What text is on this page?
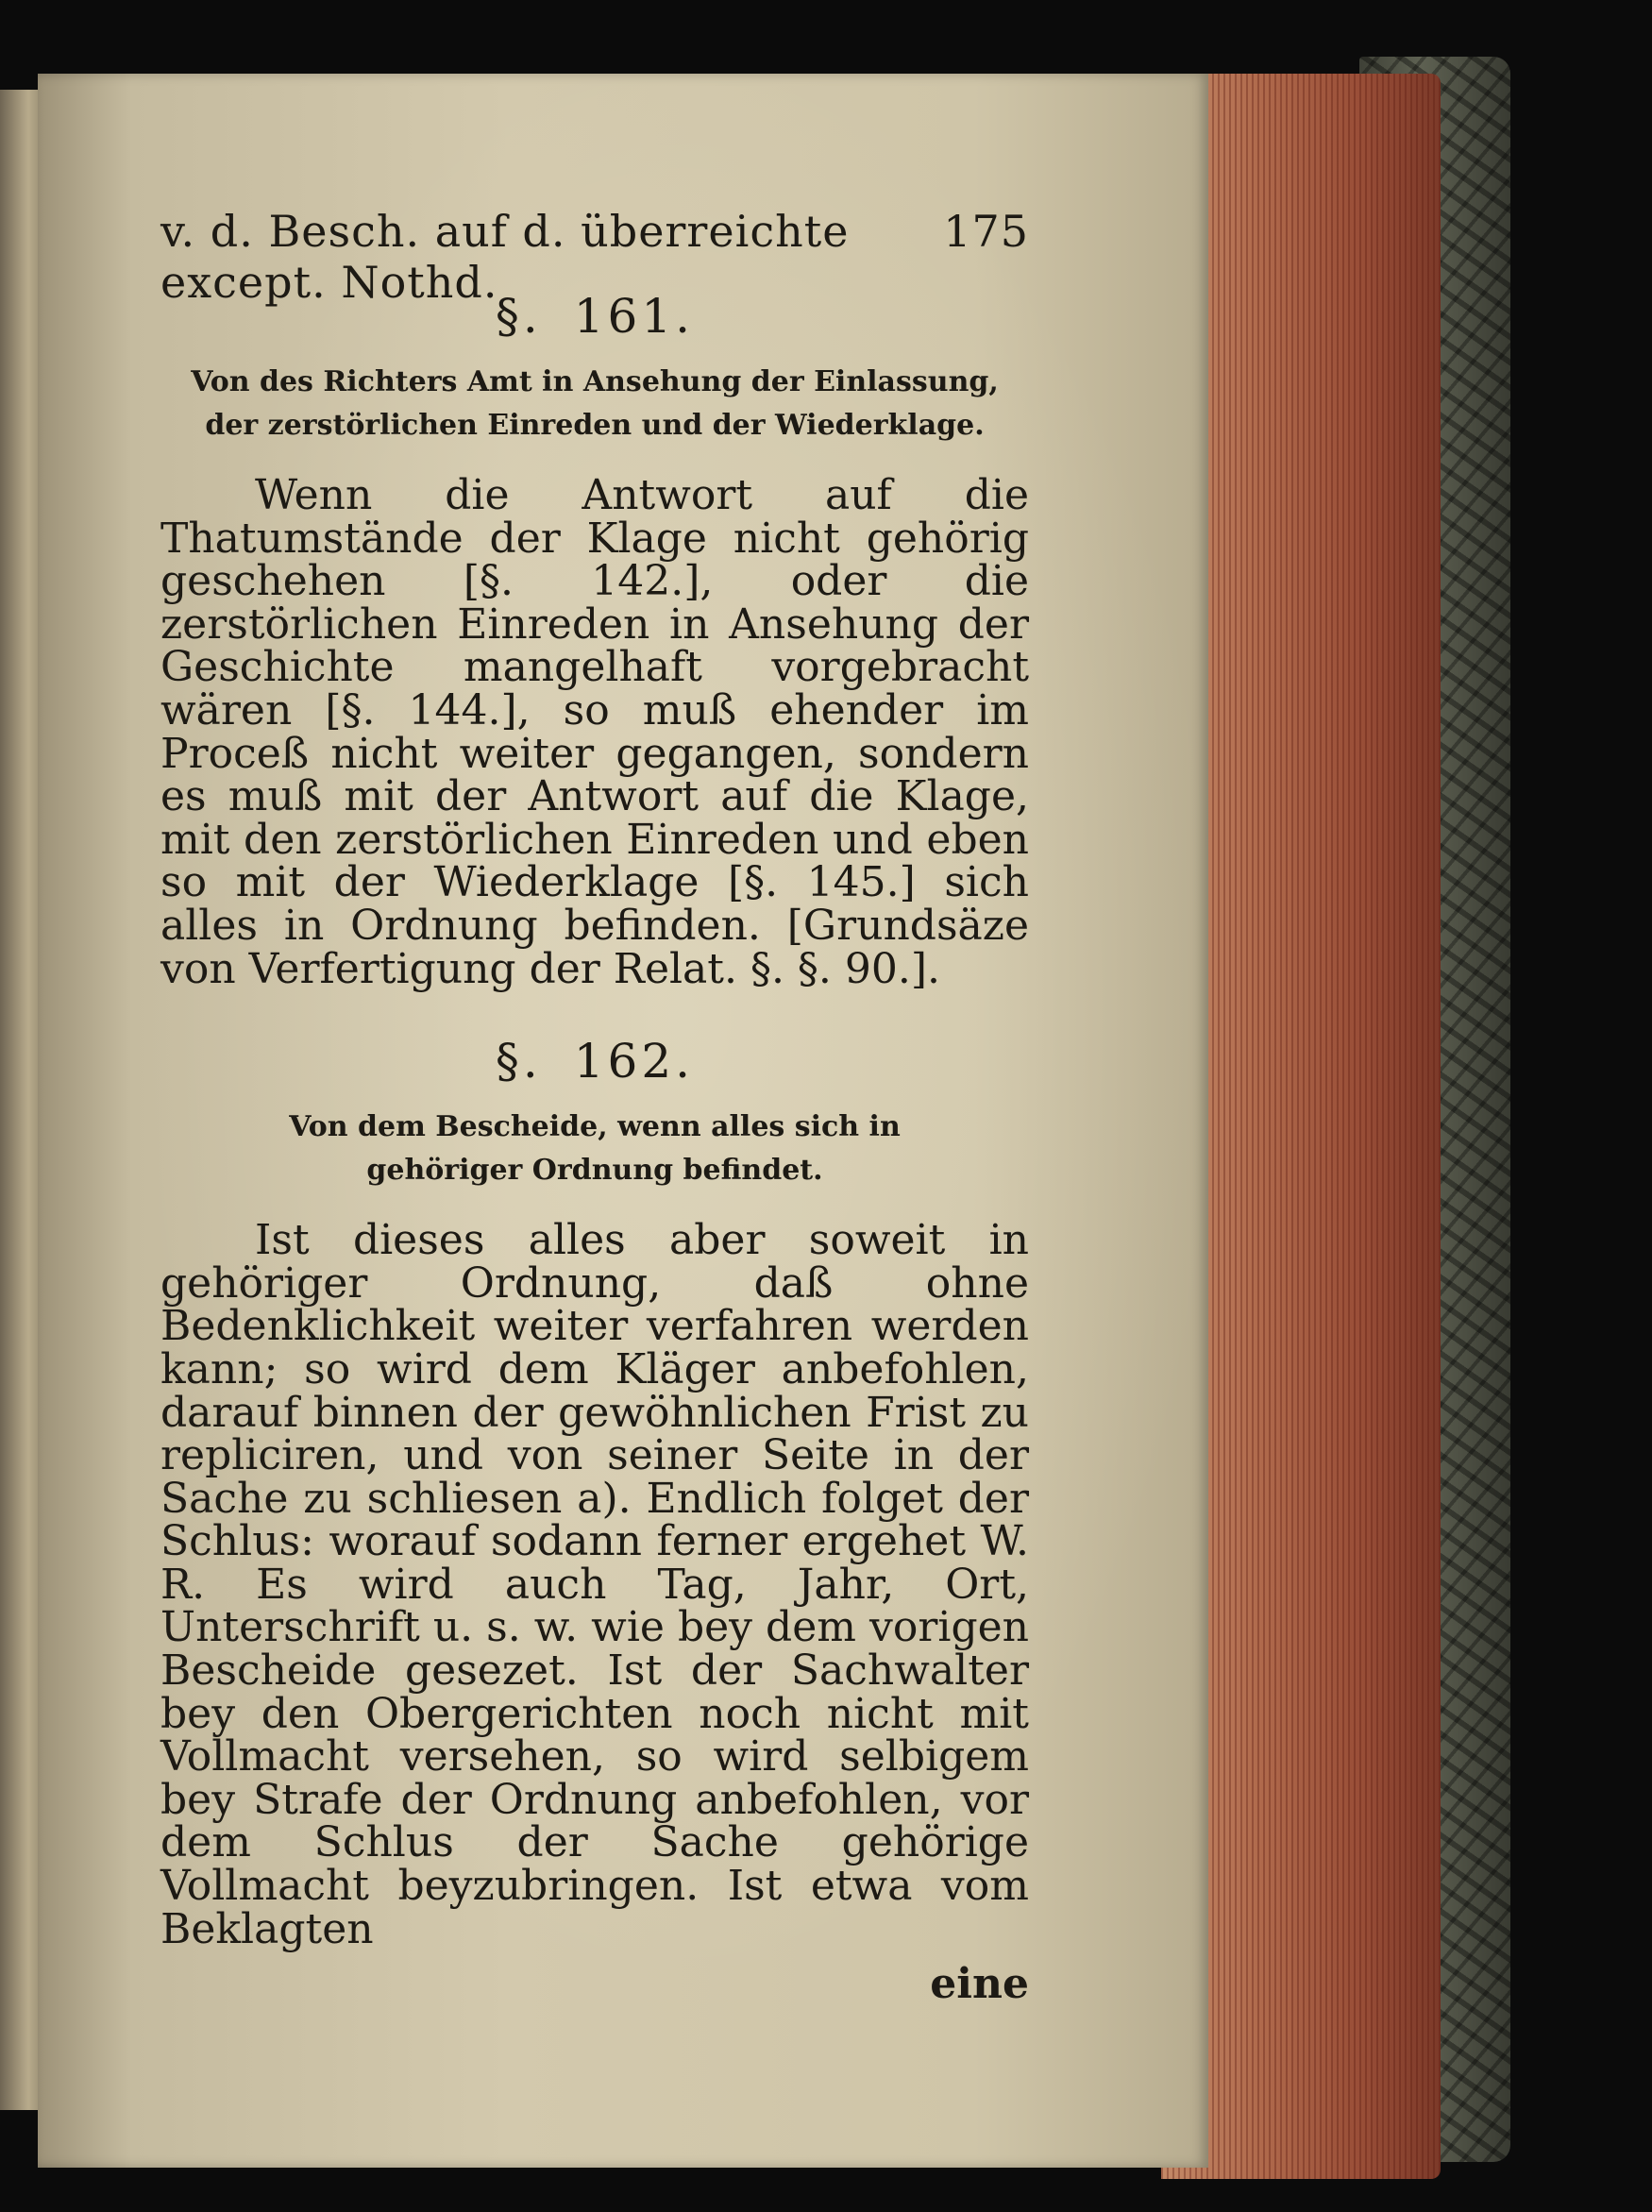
v. d. Besch. auf d. überreichte except. Nothd.
175
§. 161.
Von des Richters Amt in Ansehung der Einlassung, der zerstörlichen Einreden und der Wiederklage.

Wenn die Antwort auf die Thatumstände der Klage nicht gehörig geschehen [§. 142.], oder die zerstörlichen Einreden in Ansehung der Geschichte mangelhaft vorgebracht wären [§. 144.], so muß ehender im Proceß nicht weiter gegangen, sondern es muß mit der Antwort auf die Klage, mit den zerstörlichen Einreden und eben so mit der Wiederklage [§. 145.] sich alles in Ordnung befinden. [Grundsäze von Verfertigung der Relat. §. §. 90.].

§. 162.
Von dem Bescheide, wenn alles sich in gehöriger Ordnung befindet.

Ist dieses alles aber soweit in gehöriger Ordnung, daß ohne Bedenklichkeit weiter verfahren werden kann; so wird dem Kläger anbefohlen, darauf binnen der gewöhnlichen Frist zu repliciren, und von seiner Seite in der Sache zu schliesen a). Endlich folget der Schlus: worauf sodann ferner ergehet W. R. Es wird auch Tag, Jahr, Ort, Unterschrift u. s. w. wie bey dem vorigen Bescheide gesezet. Ist der Sachwalter bey den Obergerichten noch nicht mit Vollmacht versehen, so wird selbigem bey Strafe der Ordnung anbefohlen, vor dem Schlus der Sache gehörige Vollmacht beyzubringen. Ist etwa vom Beklagten

eine
